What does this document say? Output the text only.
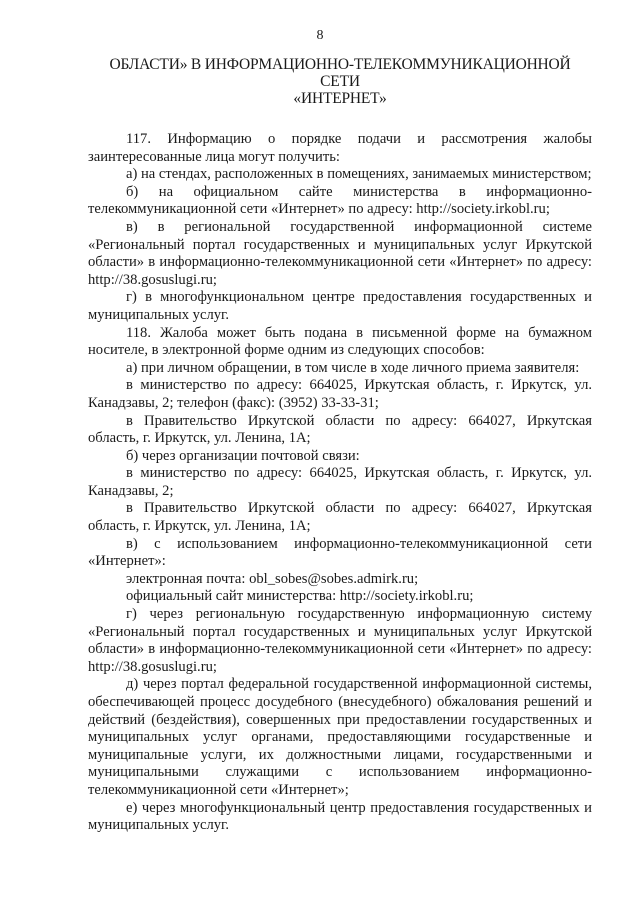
8
ОБЛАСТИ» В ИНФОРМАЦИОННО-ТЕЛЕКОММУНИКАЦИОННОЙ СЕТИ
«ИНТЕРНЕТ»

117. Информацию о порядке подачи и рассмотрения жалобы заинтересованные лица могут получить:

а) на стендах, расположенных в помещениях, занимаемых министерством;

б) на официальном сайте министерства в информационно-телекоммуникационной сети «Интернет» по адресу: http://society.irkobl.ru;

в) в региональной государственной информационной системе «Региональный портал государственных и муниципальных услуг Иркутской области» в информационно-телекоммуникационной сети «Интернет» по адресу: http://38.gosuslugi.ru;

г) в многофункциональном центре предоставления государственных и муниципальных услуг.

118. Жалоба может быть подана в письменной форме на бумажном носителе, в электронной форме одним из следующих способов:

а) при личном обращении, в том числе в ходе личного приема заявителя:

в министерство по адресу: 664025, Иркутская область, г. Иркутск, ул. Канадзавы, 2; телефон (факс): (3952) 33-33-31;

в Правительство Иркутской области по адресу: 664027, Иркутская область, г. Иркутск, ул. Ленина, 1А;

б) через организации почтовой связи:

в министерство по адресу: 664025, Иркутская область, г. Иркутск, ул. Канадзавы, 2;

в Правительство Иркутской области по адресу: 664027, Иркутская область, г. Иркутск, ул. Ленина, 1А;

в) с использованием информационно-телекоммуникационной сети «Интернет»:

электронная почта: obl_sobes@sobes.admirk.ru;

официальный сайт министерства: http://society.irkobl.ru;

г) через региональную государственную информационную систему «Региональный портал государственных и муниципальных услуг Иркутской области» в информационно-телекоммуникационной сети «Интернет» по адресу: http://38.gosuslugi.ru;

д) через портал федеральной государственной информационной системы, обеспечивающей процесс досудебного (внесудебного) обжалования решений и действий (бездействия), совершенных при предоставлении государственных и муниципальных услуг органами, предоставляющими государственные и муниципальные услуги, их должностными лицами, государственными и муниципальными служащими с использованием информационно-телекоммуникационной сети «Интернет»;

е) через многофункциональный центр предоставления государственных и муниципальных услуг.
